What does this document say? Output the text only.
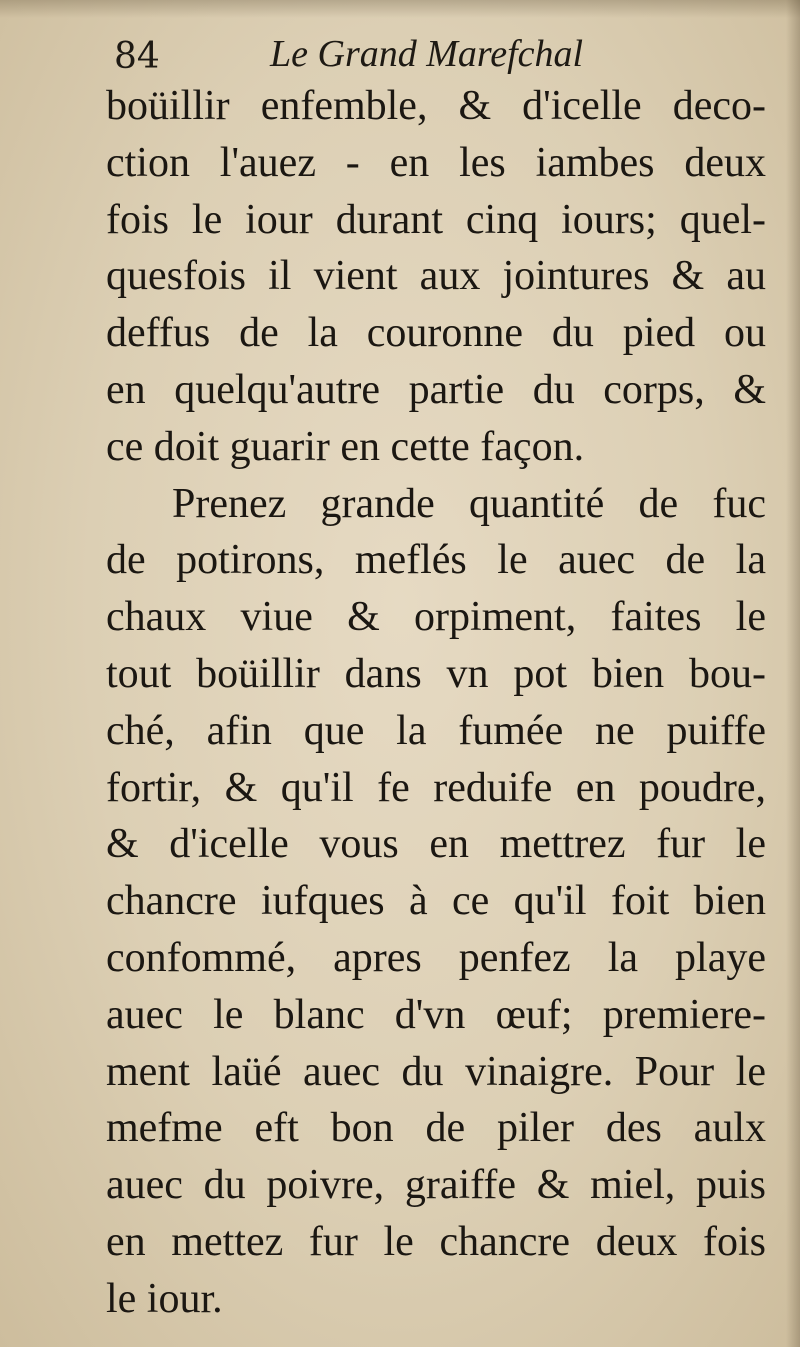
84	Le Grand Marefchal
boüillir enfemble, & d'icelle deco-
ction l'auez - en les iambes deux
fois le iour durant cinq iours; quel-
quesfois il vient aux jointures & au
deffus de la couronne du pied ou
en quelqu'autre partie du corps, &
ce doit guarir en cette façon.
Prenez grande quantité de fuc
de potirons, meflés le auec de la
chaux viue & orpiment, faites le
tout boüillir dans vn pot bien bou-
ché, afin que la fumée ne puiffe
fortir, & qu'il fe reduife en poudre,
& d'icelle vous en mettrez fur le
chancre iufques à ce qu'il foit bien
confommé, apres penfez la playe
auec le blanc d'vn œuf; premiere-
ment laüé auec du vinaigre. Pour le
mefme eft bon de piler des aulx
auec du poivre, graiffe & miel, puis
en mettez fur le chancre deux fois
le iour.
